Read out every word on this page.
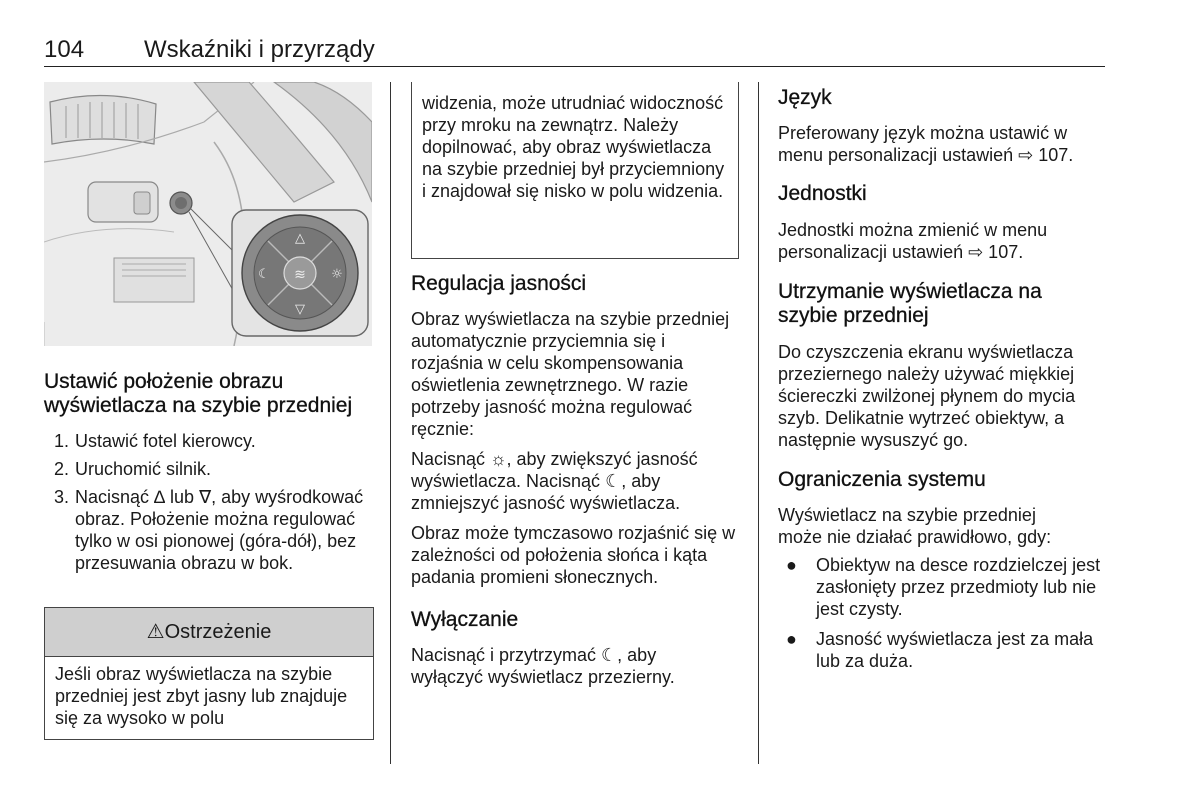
104 Wskaźniki i przyrządy
△
▽
☾	☼
≋
Ustawić położenie obrazu wyświetlacza na szybie przedniej
1. Ustawić fotel kierowcy.
2. Uruchomić silnik.
3. Nacisnąć ∆ lub ∇, aby wyśrodkować obraz. Położenie można regulować tylko w osi pionowej (góra-dół), bez przesuwania obrazu w bok.
⚠Ostrzeżenie
Jeśli obraz wyświetlacza na szybie przedniej jest zbyt jasny lub znajduje się za wysoko w polu

widzenia, może utrudniać widoczność przy mroku na zewnątrz. Należy dopilnować, aby obraz wyświetlacza na szybie przedniej był przyciemniony i znajdował się nisko w polu widzenia.

Regulacja jasności

Obraz wyświetlacza na szybie przedniej automatycznie przyciemnia się i rozjaśnia w celu skompensowania oświetlenia zewnętrznego. W razie potrzeby jasność można regulować ręcznie:

Nacisnąć ☼, aby zwiększyć jasność wyświetlacza. Nacisnąć ☾, aby zmniejszyć jasność wyświetlacza.

Obraz może tymczasowo rozjaśnić się w zależności od położenia słońca i kąta padania promieni słonecznych.

Wyłączanie

Nacisnąć i przytrzymać ☾, aby wyłączyć wyświetlacz przezierny.

Język

Preferowany język można ustawić w menu personalizacji ustawień ⇨ 107.

Jednostki

Jednostki można zmienić w menu personalizacji ustawień ⇨ 107.

Utrzymanie wyświetlacza na szybie przedniej

Do czyszczenia ekranu wyświetlacza przeziernego należy używać miękkiej ściereczki zwilżonej płynem do mycia szyb. Delikatnie wytrzeć obiektyw, a następnie wysuszyć go.

Ograniczenia systemu

Wyświetlacz na szybie przedniej może nie działać prawidłowo, gdy:

● Obiektyw na desce rozdzielczej jest zasłonięty przez przedmioty lub nie jest czysty.
● Jasność wyświetlacza jest za mała lub za duża.
